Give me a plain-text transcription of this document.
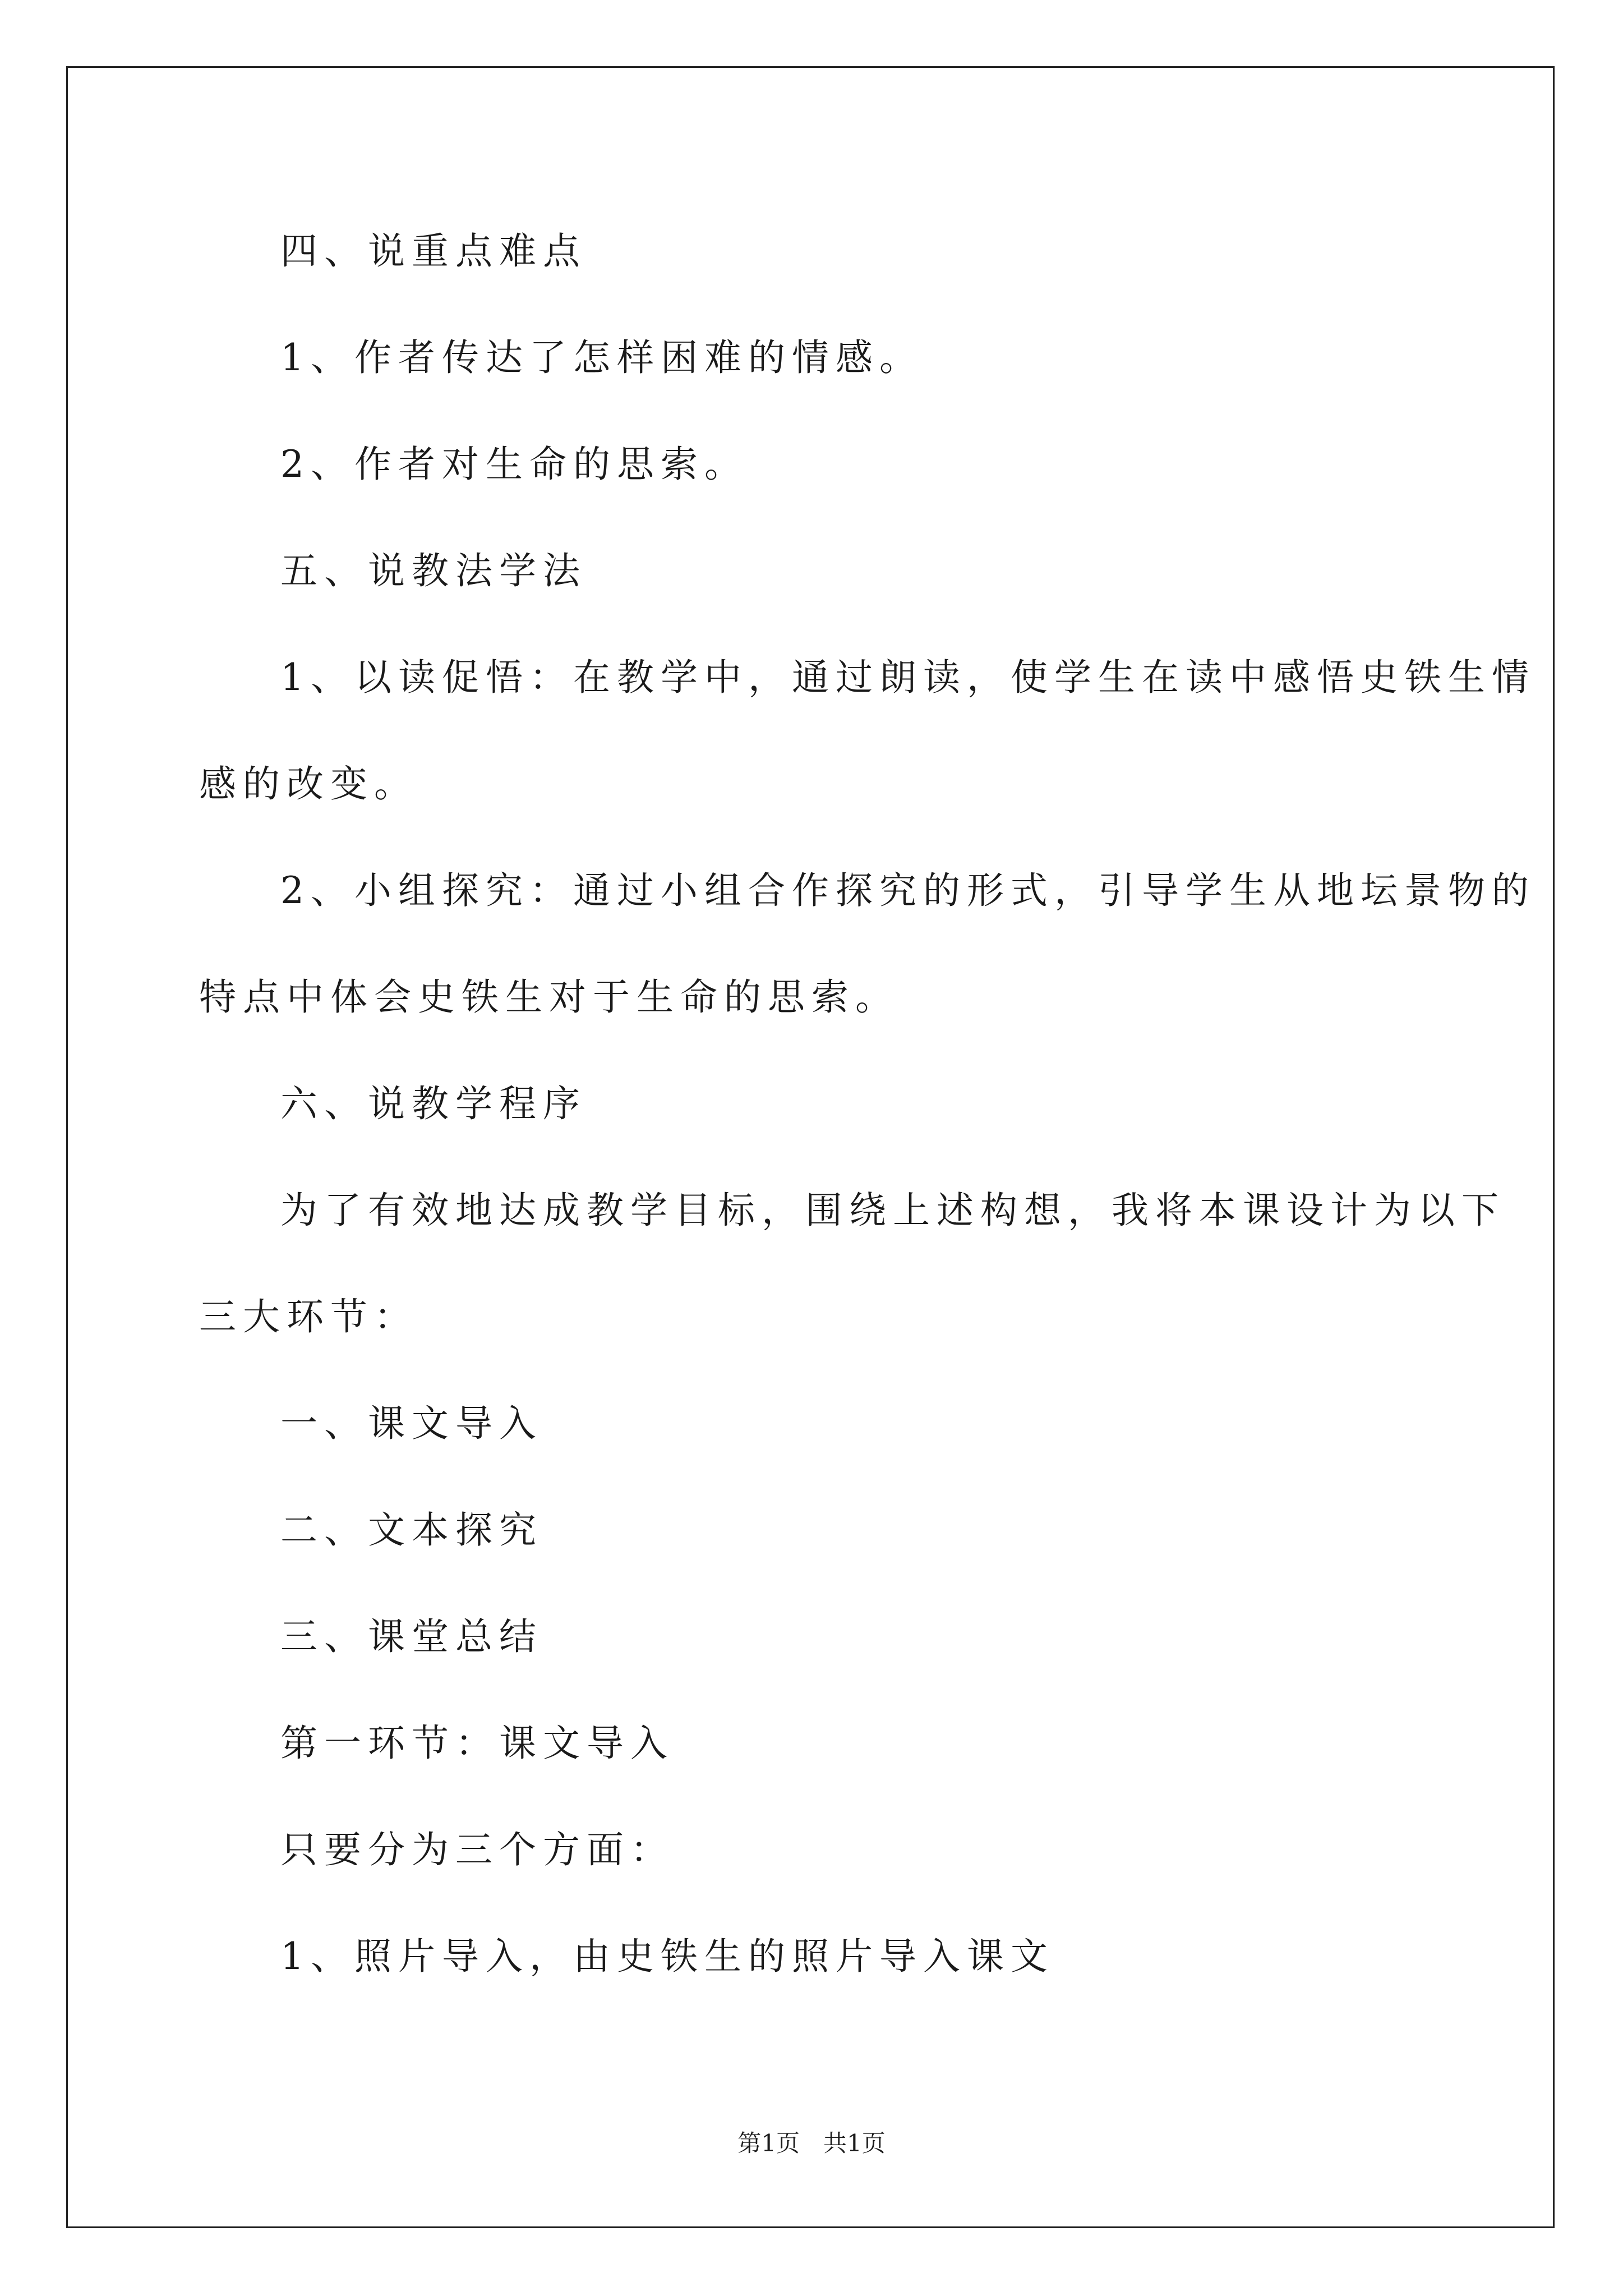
四、说重点难点
1、作者传达了怎样困难的情感。
2、作者对生命的思索。
五、说教法学法
1、以读促悟：在教学中，通过朗读，使学生在读中感悟史铁生情
感的改变。
2、小组探究：通过小组合作探究的形式，引导学生从地坛景物的
特点中体会史铁生对于生命的思索。
六、说教学程序
为了有效地达成教学目标，围绕上述构想，我将本课设计为以下
三大环节：
一、课文导入
二、文本探究
三、课堂总结
第一环节：课文导入
只要分为三个方面：
1、照片导入，由史铁生的照片导入课文
第1页　共1页
